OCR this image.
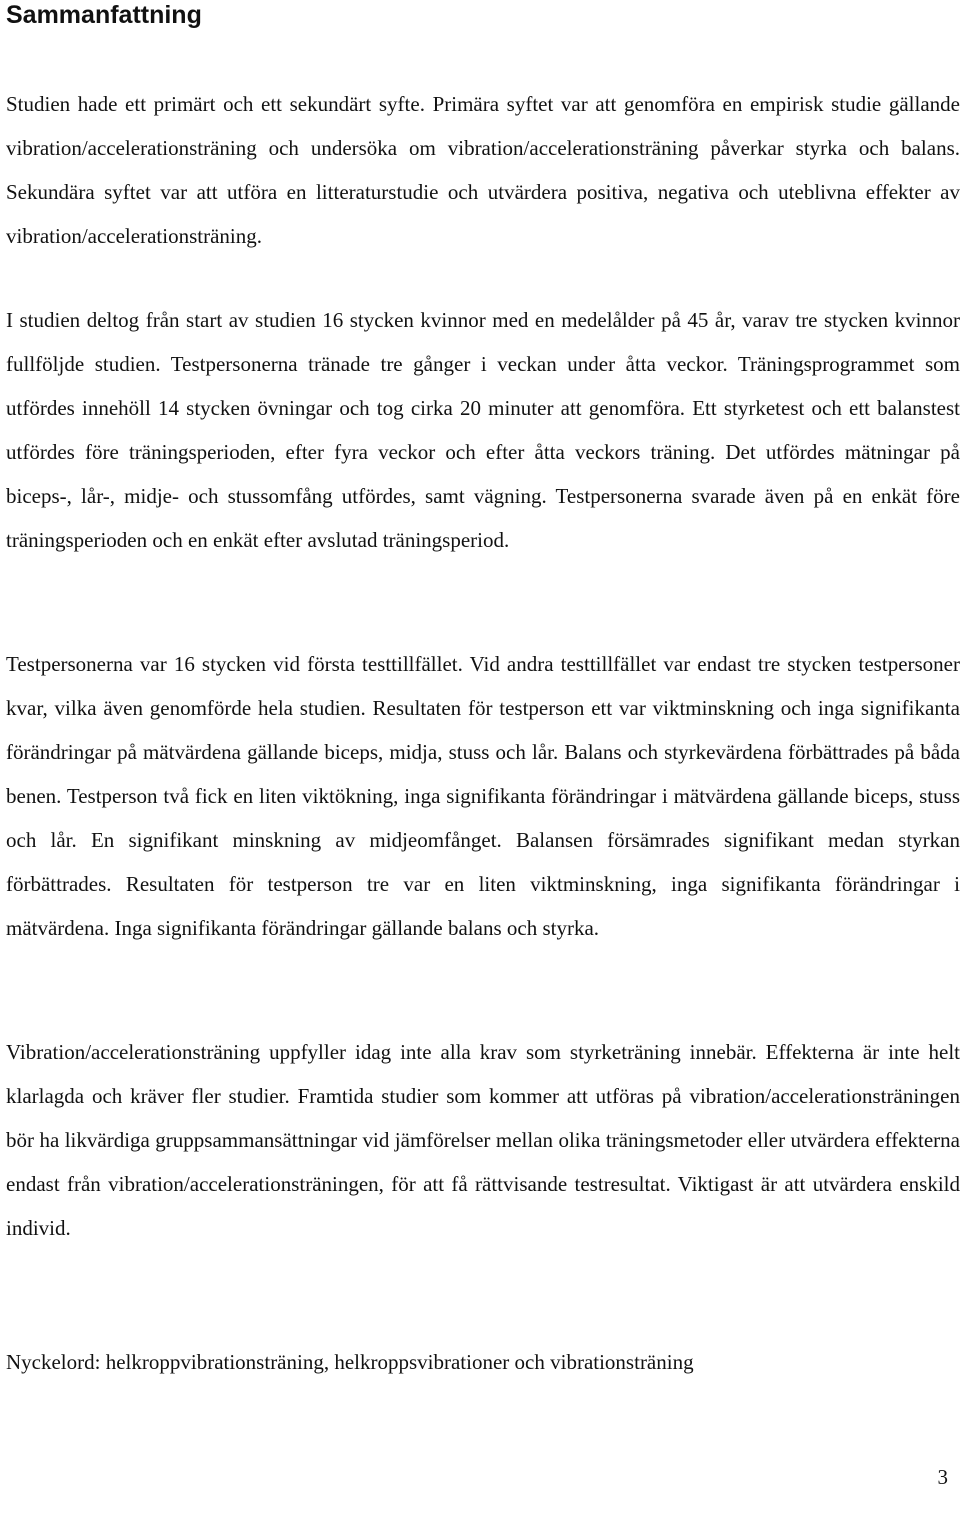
Sammanfattning

Studien hade ett primärt och ett sekundärt syfte. Primära syftet var att genomföra en empirisk studie gällande vibration/accelerationsträning och undersöka om vibration/accelerationsträning påverkar styrka och balans. Sekundära syftet var att utföra en litteraturstudie och utvärdera positiva, negativa och uteblivna effekter av vibration/accelerationsträning.

I studien deltog från start av studien 16 stycken kvinnor med en medelålder på 45 år, varav tre stycken kvinnor fullföljde studien. Testpersonerna tränade tre gånger i veckan under åtta veckor. Träningsprogrammet som utfördes innehöll 14 stycken övningar och tog cirka 20 minuter att genomföra. Ett styrketest och ett balanstest utfördes före träningsperioden, efter fyra veckor och efter åtta veckors träning. Det utfördes mätningar på biceps-, lår-, midje- och stussomfång utfördes, samt vägning. Testpersonerna svarade även på en enkät före träningsperioden och en enkät efter avslutad träningsperiod.

Testpersonerna var 16 stycken vid första testtillfället. Vid andra testtillfället var endast tre stycken testpersoner kvar, vilka även genomförde hela studien. Resultaten för testperson ett var viktminskning och inga signifikanta förändringar på mätvärdena gällande biceps, midja, stuss och lår. Balans och styrkevärdena förbättrades på båda benen. Testperson två fick en liten viktökning, inga signifikanta förändringar i mätvärdena gällande biceps, stuss och lår. En signifikant minskning av midjeomfånget. Balansen försämrades signifikant medan styrkan förbättrades. Resultaten för testperson tre var en liten viktminskning, inga signifikanta förändringar i mätvärdena. Inga signifikanta förändringar gällande balans och styrka.

Vibration/accelerationsträning uppfyller idag inte alla krav som styrketräning innebär. Effekterna är inte helt klarlagda och kräver fler studier. Framtida studier som kommer att utföras på vibration/accelerationsträningen bör ha likvärdiga gruppsammansättningar vid jämförelser mellan olika träningsmetoder eller utvärdera effekterna endast från vibration/accelerationsträningen, för att få rättvisande testresultat. Viktigast är att utvärdera enskild individ.

Nyckelord: helkroppvibrationsträning, helkroppsvibrationer och vibrationsträning

3
